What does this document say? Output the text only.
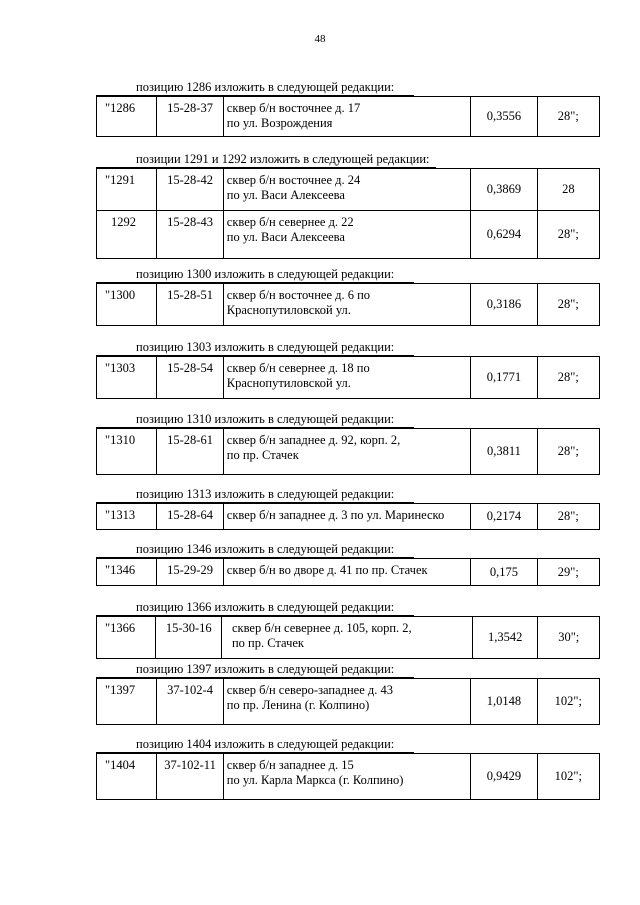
48

позицию 1286 изложить в следующей редакции:

"1286	15-28-37	сквер б/н восточнее д. 17
по ул. Возрождения	0,3556	28";

позиции 1291 и 1292 изложить в следующей редакции:

"1291	15-28-42	сквер б/н восточнее д. 24
по ул. Васи Алексеева	0,3869	28
1292	15-28-43	сквер б/н севернее д. 22
по ул. Васи Алексеева	0,6294	28";

позицию 1300 изложить в следующей редакции:

"1300	15-28-51	сквер б/н восточнее д. 6 по
Краснопутиловской ул.	0,3186	28";

позицию 1303 изложить в следующей редакции:

"1303	15-28-54	сквер б/н севернее д. 18 по
Краснопутиловской ул.	0,1771	28";

позицию 1310 изложить в следующей редакции:

"1310	15-28-61	сквер б/н западнее д. 92, корп. 2,
по пр. Стачек	0,3811	28";

позицию 1313 изложить в следующей редакции:

"1313	15-28-64	сквер б/н западнее д. 3 по ул. Маринеско	0,2174	28";

позицию 1346 изложить в следующей редакции:

"1346	15-29-29	сквер б/н во дворе д. 41 по пр. Стачек	0,175	29";

позицию 1366 изложить в следующей редакции:

"1366	15-30-16	сквер б/н севернее д. 105, корп. 2,
по пр. Стачек	1,3542	30";

позицию 1397 изложить в следующей редакции:

"1397	37-102-4	сквер б/н северо-западнее д. 43
по пр. Ленина (г. Колпино)	1,0148	102";

позицию 1404 изложить в следующей редакции:

"1404	37-102-11	сквер б/н западнее д. 15
по ул. Карла Маркса (г. Колпино)	0,9429	102";
